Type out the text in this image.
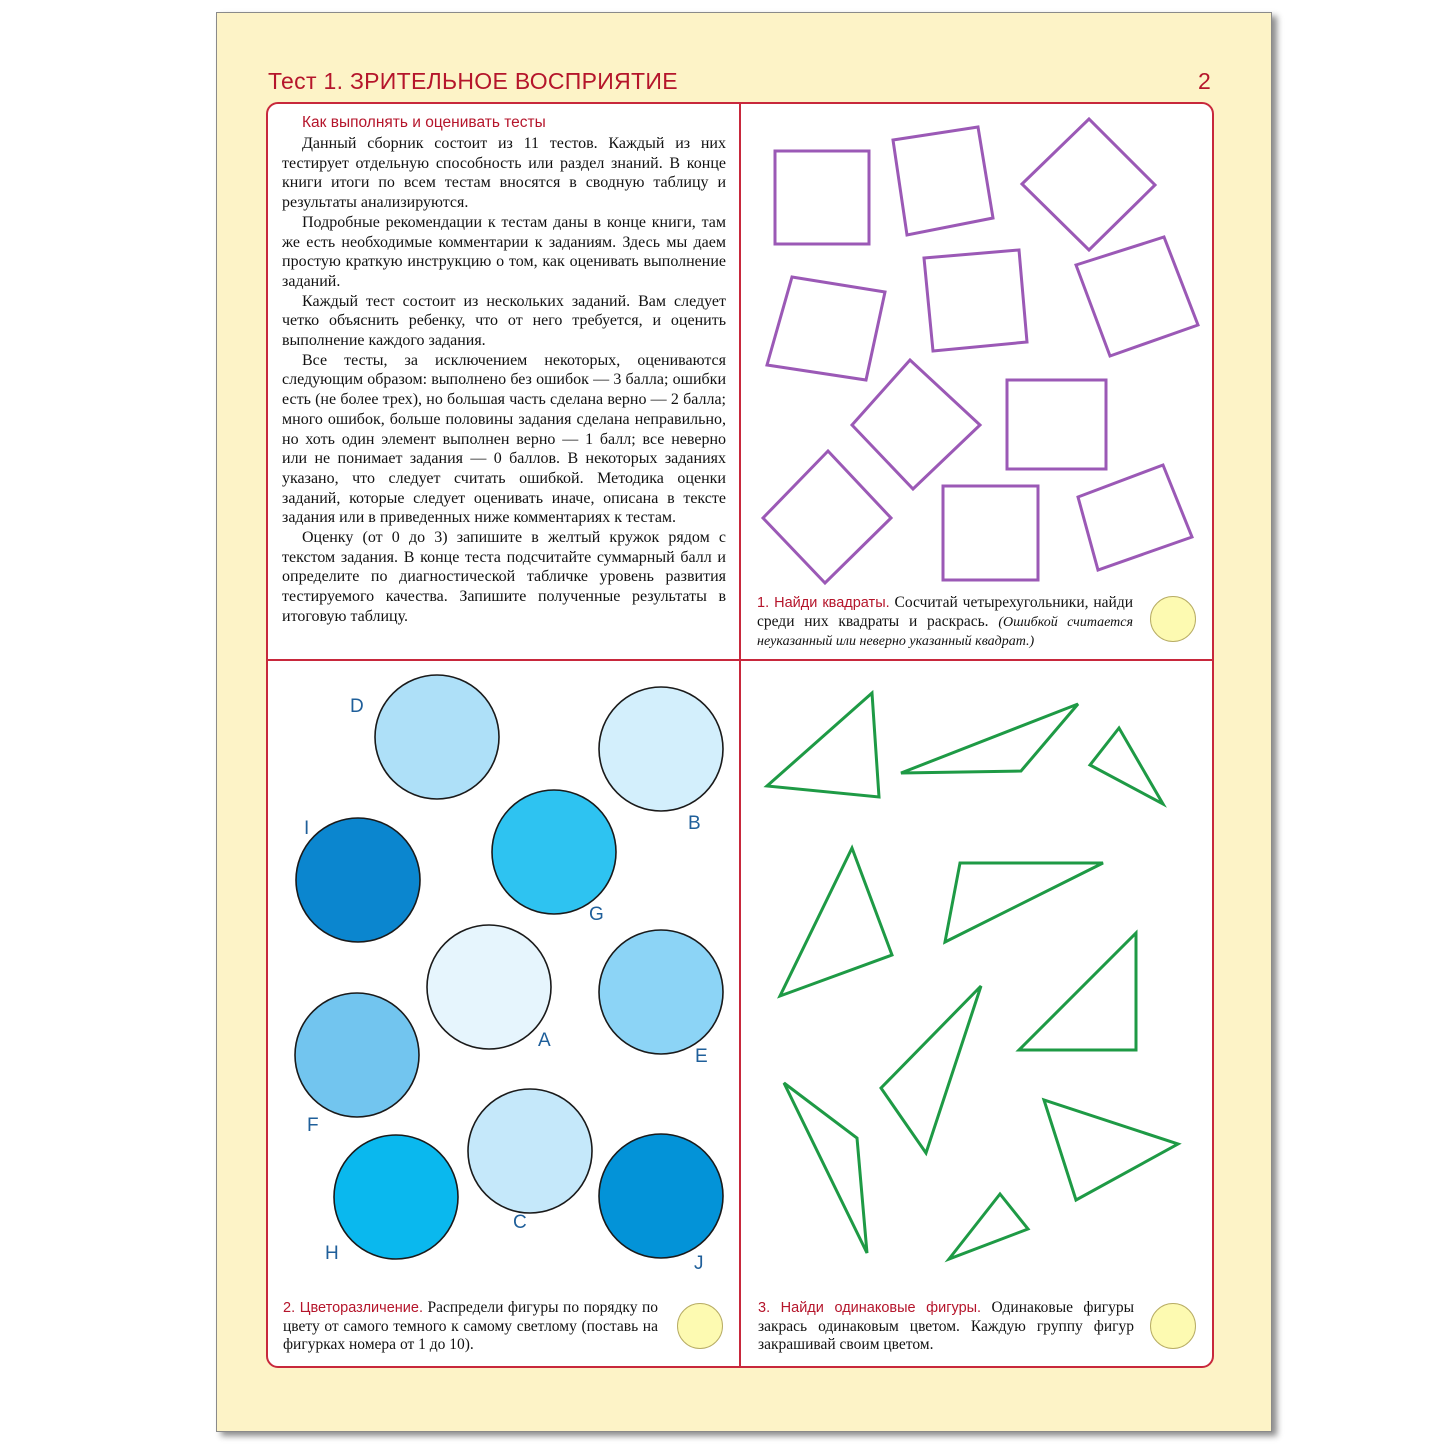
Тест 1. ЗРИТЕЛЬНОЕ ВОСПРИЯТИЕ	2
Как выполнять и оценивать тесты

Данный сборник состоит из 11 тестов. Каждый из них тестирует отдельную способность или раздел знаний. В конце книги итоги по всем тестам вносятся в сводную таблицу и результаты анализируются.

Подробные рекомендации к тестам даны в конце книги, там же есть необходимые комментарии к заданиям. Здесь мы даем простую краткую инструкцию о том, как оценивать выполнение заданий.

Каждый тест состоит из нескольких заданий. Вам следует четко объяснить ребенку, что от него требуется, и оценить выполнение каждого задания.

Все тесты, за исключением некоторых, оцениваются следующим образом: выполнено без ошибок — 3 балла; ошибки есть (не более трех), но большая часть сделана верно — 2 балла; много ошибок, больше половины задания сделана неправильно, но хоть один элемент выполнен верно — 1 балл; все неверно или не понимает задания — 0 баллов. В некоторых заданиях указано, что следует считать ошибкой. Методика оценки заданий, которые следует оценивать иначе, описана в тексте задания или в приведенных ниже комментариях к тестам.

Оценку (от 0 до 3) запишите в желтый кружок рядом с текстом задания. В конце теста подсчитайте суммарный балл и определите по диагностической табличке уровень развития тестируемого качества. Запишите полученные результаты в итоговую таблицу.

D
B
I
G
A
E
F
C
H	J
1. Найди квадраты. Сосчитай четырехугольники, найди среди них квадраты и раскрась. (Ошибкой считается неуказанный или неверно указанный квадрат.)
2. Цветоразличение. Распредели фигуры по порядку по цвету от самого темного к самому светлому (поставь на фигурках номера от 1 до 10).
3. Найди одинаковые фигуры. Одинаковые фигуры закрась одинаковым цветом. Каждую группу фигур закрашивай своим цветом.
